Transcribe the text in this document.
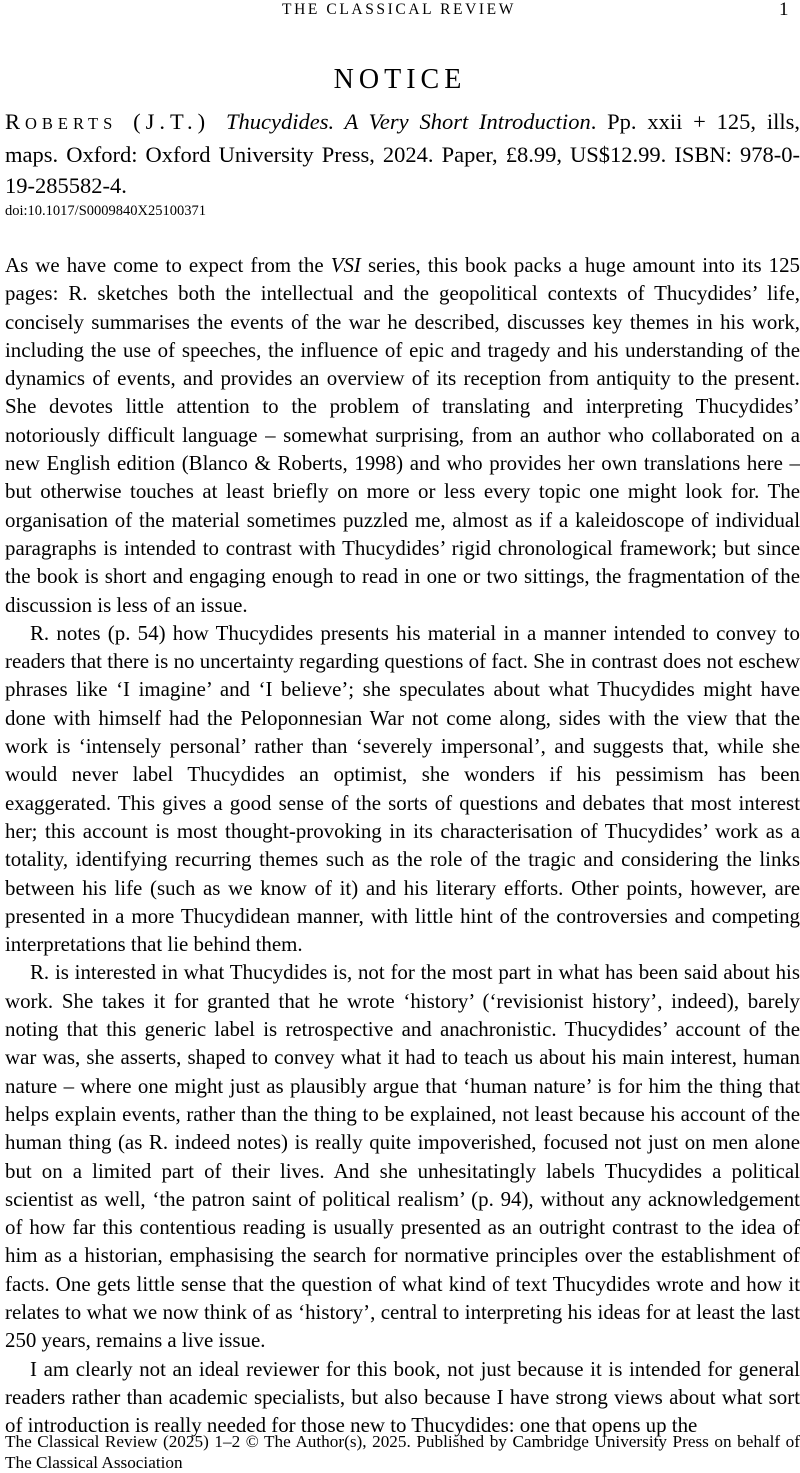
THE CLASSICAL REVIEW	1
NOTICE
ROBERTS (J.T.) Thucydides. A Very Short Introduction. Pp. xxii + 125, ills, maps. Oxford: Oxford University Press, 2024. Paper, £8.99, US$12.99. ISBN: 978-0-19-285582-4.
doi:10.1017/S0009840X25100371

As we have come to expect from the VSI series, this book packs a huge amount into its 125 pages: R. sketches both the intellectual and the geopolitical contexts of Thucydides’ life, concisely summarises the events of the war he described, discusses key themes in his work, including the use of speeches, the influence of epic and tragedy and his understanding of the dynamics of events, and provides an overview of its reception from antiquity to the present. She devotes little attention to the problem of translating and interpreting Thucydides’ notoriously difficult language – somewhat surprising, from an author who collaborated on a new English edition (Blanco & Roberts, 1998) and who provides her own translations here – but otherwise touches at least briefly on more or less every topic one might look for. The organisation of the material sometimes puzzled me, almost as if a kaleidoscope of individual paragraphs is intended to contrast with Thucydides’ rigid chronological framework; but since the book is short and engaging enough to read in one or two sittings, the fragmentation of the discussion is less of an issue.

R. notes (p. 54) how Thucydides presents his material in a manner intended to convey to readers that there is no uncertainty regarding questions of fact. She in contrast does not eschew phrases like ‘I imagine’ and ‘I believe’; she speculates about what Thucydides might have done with himself had the Peloponnesian War not come along, sides with the view that the work is ‘intensely personal’ rather than ‘severely impersonal’, and suggests that, while she would never label Thucydides an optimist, she wonders if his pessimism has been exaggerated. This gives a good sense of the sorts of questions and debates that most interest her; this account is most thought-provoking in its characterisation of Thucydides’ work as a totality, identifying recurring themes such as the role of the tragic and considering the links between his life (such as we know of it) and his literary efforts. Other points, however, are presented in a more Thucydidean manner, with little hint of the controversies and competing interpretations that lie behind them.

R. is interested in what Thucydides is, not for the most part in what has been said about his work. She takes it for granted that he wrote ‘history’ (‘revisionist history’, indeed), barely noting that this generic label is retrospective and anachronistic. Thucydides’ account of the war was, she asserts, shaped to convey what it had to teach us about his main interest, human nature – where one might just as plausibly argue that ‘human nature’ is for him the thing that helps explain events, rather than the thing to be explained, not least because his account of the human thing (as R. indeed notes) is really quite impoverished, focused not just on men alone but on a limited part of their lives. And she unhesitatingly labels Thucydides a political scientist as well, ‘the patron saint of political realism’ (p. 94), without any acknowledgement of how far this contentious reading is usually presented as an outright contrast to the idea of him as a historian, emphasising the search for normative principles over the establishment of facts. One gets little sense that the question of what kind of text Thucydides wrote and how it relates to what we now think of as ‘history’, central to interpreting his ideas for at least the last 250 years, remains a live issue.

I am clearly not an ideal reviewer for this book, not just because it is intended for general readers rather than academic specialists, but also because I have strong views about what sort of introduction is really needed for those new to Thucydides: one that opens up the

The Classical Review (2025) 1–2 © The Author(s), 2025. Published by Cambridge University Press on behalf of The Classical Association
